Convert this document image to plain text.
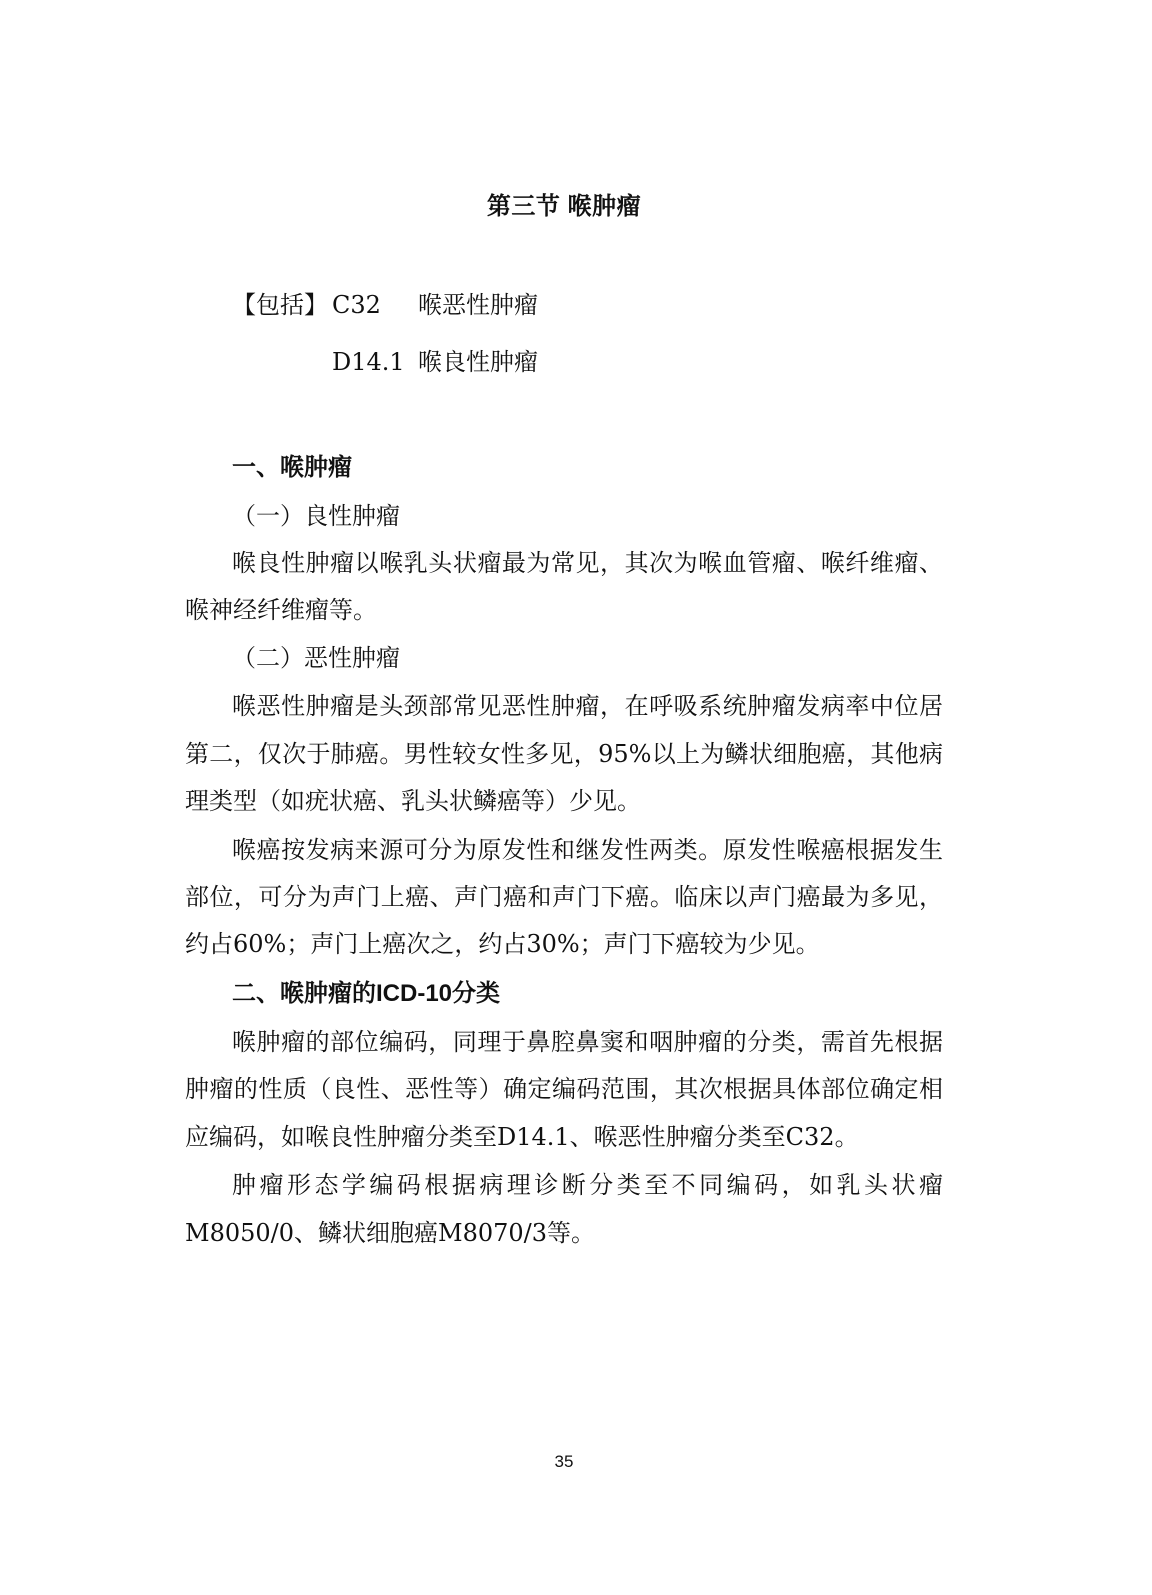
第三节 喉肿瘤
【包括】 C32 喉恶性肿瘤
D14.1 喉良性肿瘤
一、喉肿瘤
（一）良性肿瘤
喉良性肿瘤以喉乳头状瘤最为常见，其次为喉血管瘤、喉纤维瘤、
喉神经纤维瘤等。
（二）恶性肿瘤
喉恶性肿瘤是头颈部常见恶性肿瘤，在呼吸系统肿瘤发病率中位居
第二，仅次于肺癌。男性较女性多见，95%以上为鳞状细胞癌，其他病
理类型（如疣状癌、乳头状鳞癌等）少见。
喉癌按发病来源可分为原发性和继发性两类。原发性喉癌根据发生
部位，可分为声门上癌、声门癌和声门下癌。临床以声门癌最为多见，
约占60%；声门上癌次之，约占30%；声门下癌较为少见。
二、喉肿瘤的ICD-10分类
喉肿瘤的部位编码，同理于鼻腔鼻窦和咽肿瘤的分类，需首先根据
肿瘤的性质（良性、恶性等）确定编码范围，其次根据具体部位确定相
应编码，如喉良性肿瘤分类至D14.1、喉恶性肿瘤分类至C32。
肿瘤形态学编码根据病理诊断分类至不同编码，如乳头状瘤
M8050/0、鳞状细胞癌M8070/3等。
35
